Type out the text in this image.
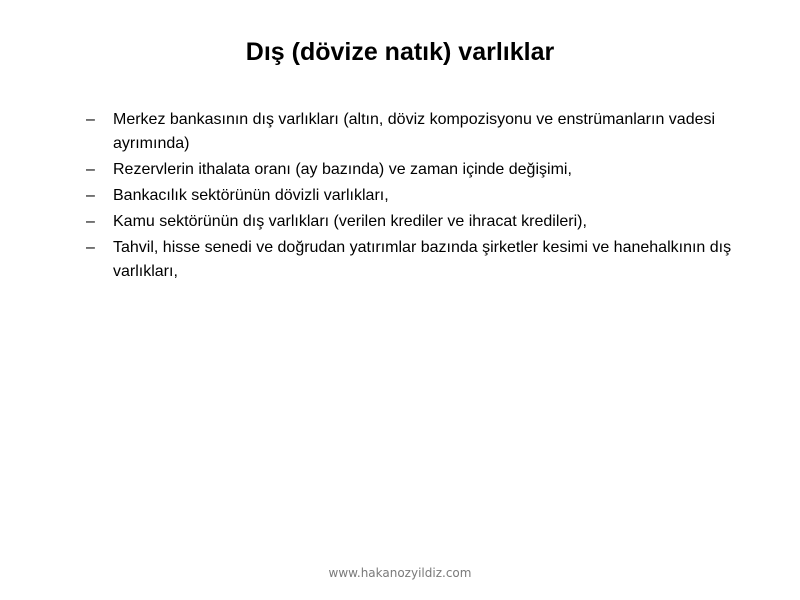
Dış (dövize natık) varlıklar
–	Merkez bankasının dış varlıkları (altın, döviz kompozisyonu ve enstrümanların vadesi ayrımında)
–	Rezervlerin ithalata oranı (ay bazında) ve zaman içinde değişimi,
–	Bankacılık sektörünün dövizli varlıkları,
–	Kamu sektörünün dış varlıkları (verilen krediler ve ihracat kredileri),
–	Tahvil, hisse senedi ve doğrudan yatırımlar bazında şirketler kesimi ve hanehalkının dış varlıkları,
www.hakanozyildiz.com
